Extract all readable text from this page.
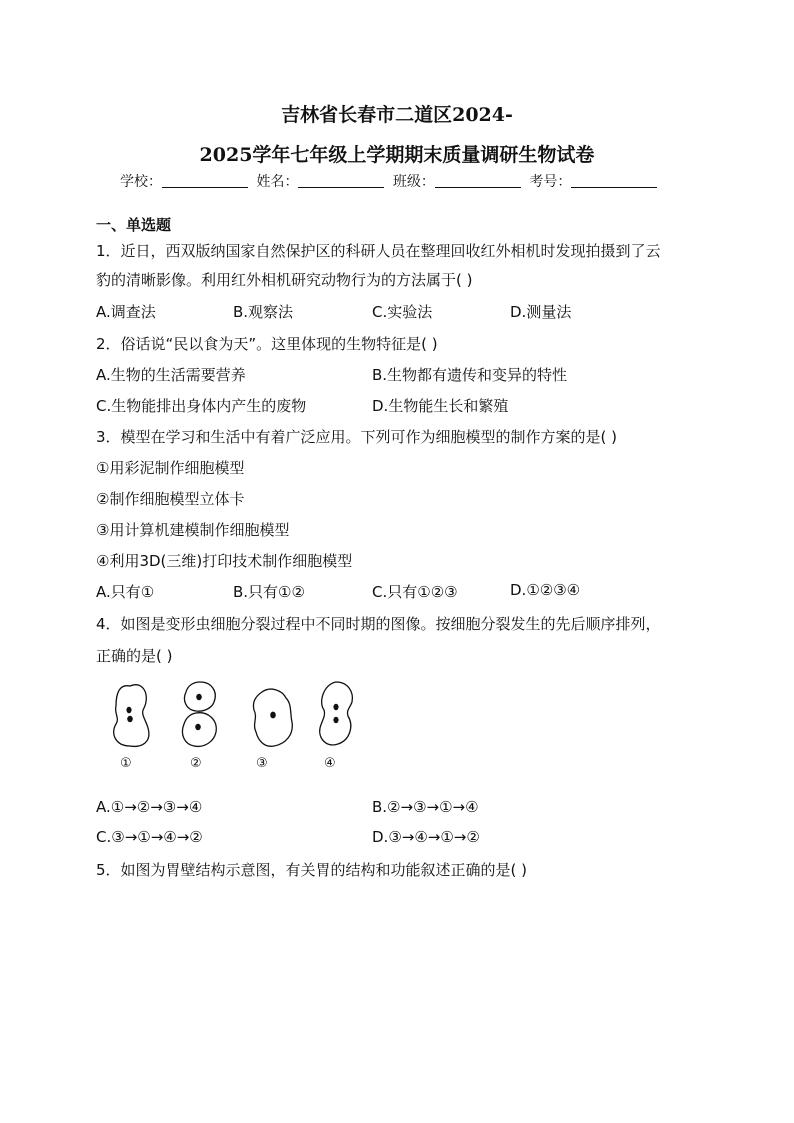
吉林省长春市二道区2024-
2025学年七年级上学期期末质量调研生物试卷
学校：	姓名：	班级：	考号：
一、单选题
1．近日，西双版纳国家自然保护区的科研人员在整理回收红外相机时发现拍摄到了云
豹的清晰影像。利用红外相机研究动物行为的方法属于( )
A.调查法	B.观察法	C.实验法	D.测量法
2．俗话说“民以食为天”。这里体现的生物特征是( )
A.生物的生活需要营养	B.生物都有遗传和变异的特性
C.生物能排出身体内产生的废物	D.生物能生长和繁殖
3．模型在学习和生活中有着广泛应用。下列可作为细胞模型的制作方案的是( )
①用彩泥制作细胞模型
②制作细胞模型立体卡
③用计算机建模制作细胞模型
④利用3D(三维)打印技术制作细胞模型
A.只有①	B.只有①②	C.只有①②③	D.①②③④
4．如图是变形虫细胞分裂过程中不同时期的图像。按细胞分裂发生的先后顺序排列，
正确的是( )
①	②	③	④
A.①→②→③→④	B.②→③→①→④
C.③→①→④→②	D.③→④→①→②
5．如图为胃壁结构示意图，有关胃的结构和功能叙述正确的是( )
